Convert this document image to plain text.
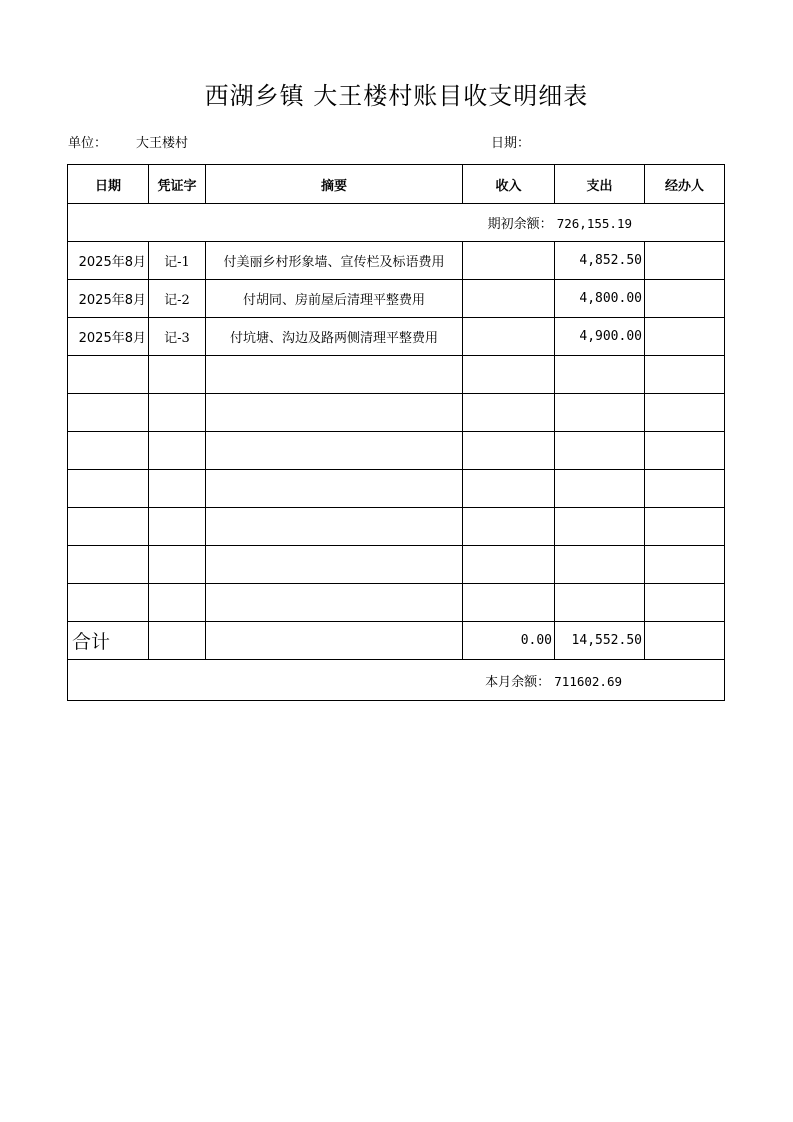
西湖乡镇 大王楼村账目收支明细表
单位： 大王楼村	日期：
日期	凭证字	摘要	收入	支出	经办人
期初余额： 726,155.19					
2025年8月	记-1	付美丽乡村形象墙、宣传栏及标语费用		4,852.50	
2025年8月	记-2	付胡同、房前屋后清理平整费用		4,800.00	
2025年8月	记-3	付坑塘、沟边及路两侧清理平整费用		4,900.00	

合计			0.00	14,552.50	
本月余额： 711602.69					
